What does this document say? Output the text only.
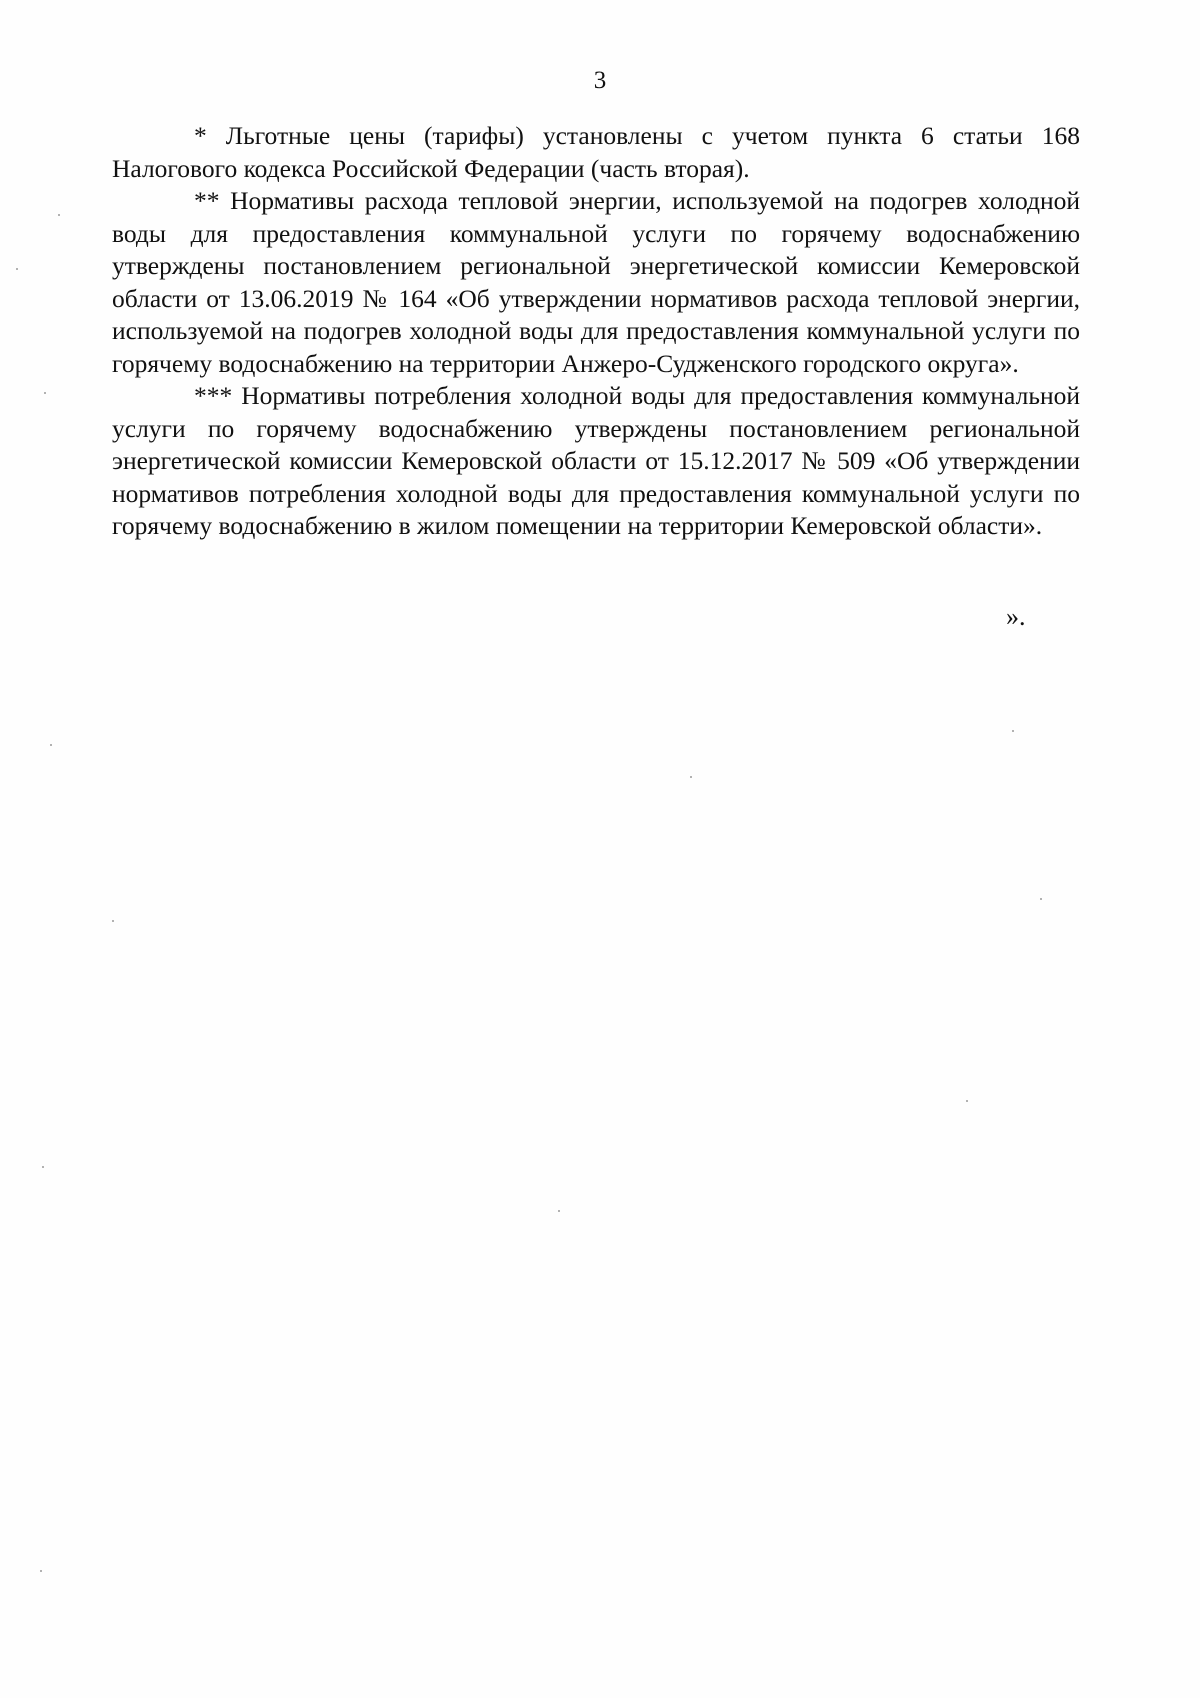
3

* Льготные цены (тарифы) установлены с учетом пункта 6 статьи 168 Налогового кодекса Российской Федерации (часть вторая).

** Нормативы расхода тепловой энергии, используемой на подогрев холодной воды для предоставления коммунальной услуги по горячему водоснабжению утверждены постановлением региональной энергетической комиссии Кемеровской области от 13.06.2019 № 164 «Об утверждении нормативов расхода тепловой энергии, используемой на подогрев холодной воды для предоставления коммунальной услуги по горячему водоснабжению на территории Анжеро-Судженского городского округа».

*** Нормативы потребления холодной воды для предоставления коммунальной услуги по горячему водоснабжению утверждены постановлением региональной энергетической комиссии Кемеровской области от 15.12.2017 № 509 «Об утверждении нормативов потребления холодной воды для предоставления коммунальной услуги по горячему водоснабжению в жилом помещении на территории Кемеровской области».

».
